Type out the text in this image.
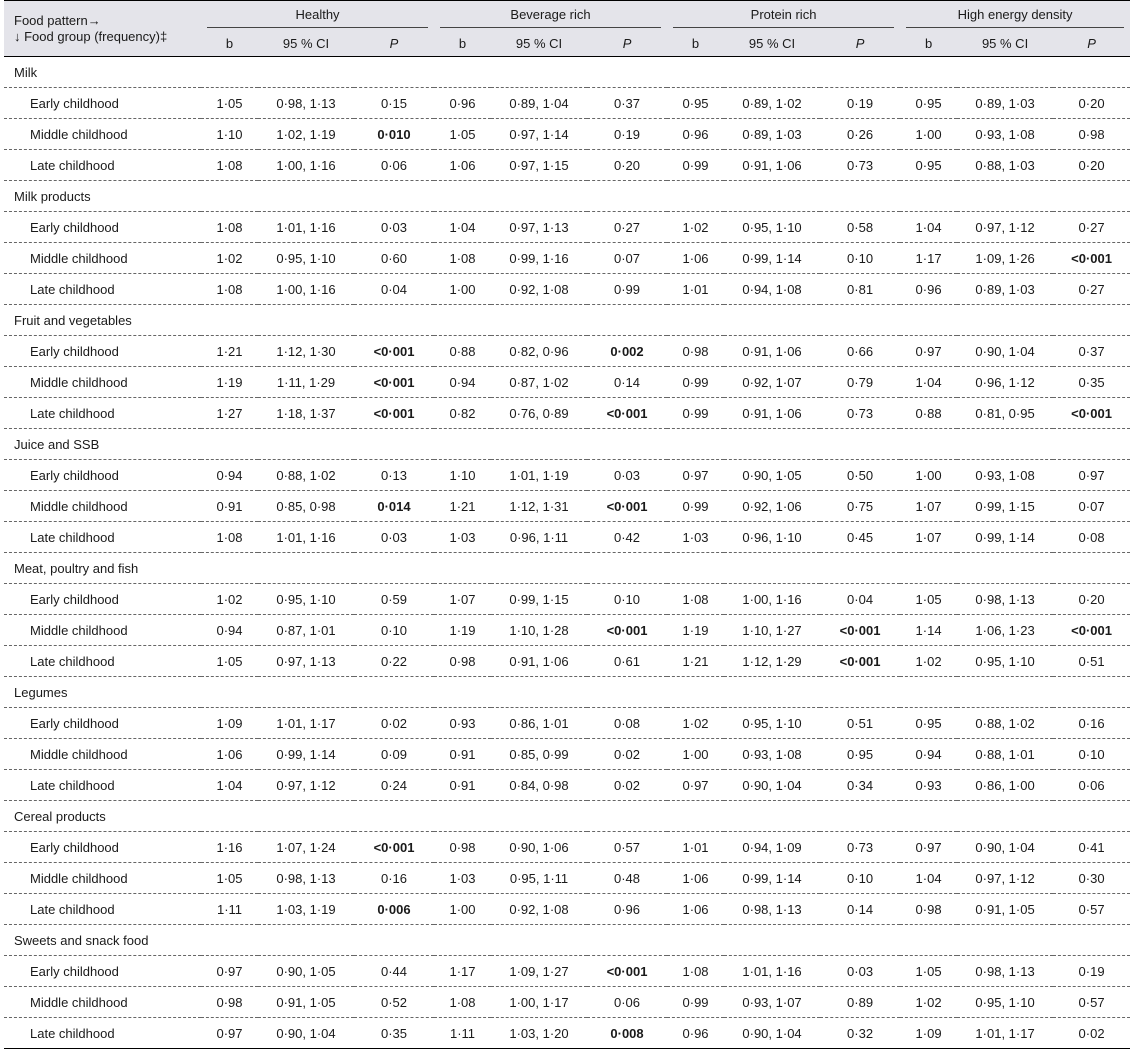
Food pattern→
↓ Food group (frequency)‡	Healthy			Beverage rich			Protein rich			High energy density		

	b	95 % CI	P	b	95 % CI	P	b	95 % CI	P	b	95 % CI	P
Milk												
Early childhood	1·05	0·98, 1·13	0·15	0·96	0·89, 1·04	0·37	0·95	0·89, 1·02	0·19	0·95	0·89, 1·03	0·20
Middle childhood	1·10	1·02, 1·19	0·010	1·05	0·97, 1·14	0·19	0·96	0·89, 1·03	0·26	1·00	0·93, 1·08	0·98
Late childhood	1·08	1·00, 1·16	0·06	1·06	0·97, 1·15	0·20	0·99	0·91, 1·06	0·73	0·95	0·88, 1·03	0·20
Milk products												
Early childhood	1·08	1·01, 1·16	0·03	1·04	0·97, 1·13	0·27	1·02	0·95, 1·10	0·58	1·04	0·97, 1·12	0·27
Middle childhood	1·02	0·95, 1·10	0·60	1·08	0·99, 1·16	0·07	1·06	0·99, 1·14	0·10	1·17	1·09, 1·26	<0·001
Late childhood	1·08	1·00, 1·16	0·04	1·00	0·92, 1·08	0·99	1·01	0·94, 1·08	0·81	0·96	0·89, 1·03	0·27
Fruit and vegetables												
Early childhood	1·21	1·12, 1·30	<0·001	0·88	0·82, 0·96	0·002	0·98	0·91, 1·06	0·66	0·97	0·90, 1·04	0·37
Middle childhood	1·19	1·11, 1·29	<0·001	0·94	0·87, 1·02	0·14	0·99	0·92, 1·07	0·79	1·04	0·96, 1·12	0·35
Late childhood	1·27	1·18, 1·37	<0·001	0·82	0·76, 0·89	<0·001	0·99	0·91, 1·06	0·73	0·88	0·81, 0·95	<0·001
Juice and SSB												
Early childhood	0·94	0·88, 1·02	0·13	1·10	1·01, 1·19	0·03	0·97	0·90, 1·05	0·50	1·00	0·93, 1·08	0·97
Middle childhood	0·91	0·85, 0·98	0·014	1·21	1·12, 1·31	<0·001	0·99	0·92, 1·06	0·75	1·07	0·99, 1·15	0·07
Late childhood	1·08	1·01, 1·16	0·03	1·03	0·96, 1·11	0·42	1·03	0·96, 1·10	0·45	1·07	0·99, 1·14	0·08
Meat, poultry and fish												
Early childhood	1·02	0·95, 1·10	0·59	1·07	0·99, 1·15	0·10	1·08	1·00, 1·16	0·04	1·05	0·98, 1·13	0·20
Middle childhood	0·94	0·87, 1·01	0·10	1·19	1·10, 1·28	<0·001	1·19	1·10, 1·27	<0·001	1·14	1·06, 1·23	<0·001
Late childhood	1·05	0·97, 1·13	0·22	0·98	0·91, 1·06	0·61	1·21	1·12, 1·29	<0·001	1·02	0·95, 1·10	0·51
Legumes												
Early childhood	1·09	1·01, 1·17	0·02	0·93	0·86, 1·01	0·08	1·02	0·95, 1·10	0·51	0·95	0·88, 1·02	0·16
Middle childhood	1·06	0·99, 1·14	0·09	0·91	0·85, 0·99	0·02	1·00	0·93, 1·08	0·95	0·94	0·88, 1·01	0·10
Late childhood	1·04	0·97, 1·12	0·24	0·91	0·84, 0·98	0·02	0·97	0·90, 1·04	0·34	0·93	0·86, 1·00	0·06
Cereal products												
Early childhood	1·16	1·07, 1·24	<0·001	0·98	0·90, 1·06	0·57	1·01	0·94, 1·09	0·73	0·97	0·90, 1·04	0·41
Middle childhood	1·05	0·98, 1·13	0·16	1·03	0·95, 1·11	0·48	1·06	0·99, 1·14	0·10	1·04	0·97, 1·12	0·30
Late childhood	1·11	1·03, 1·19	0·006	1·00	0·92, 1·08	0·96	1·06	0·98, 1·13	0·14	0·98	0·91, 1·05	0·57
Sweets and snack food												
Early childhood	0·97	0·90, 1·05	0·44	1·17	1·09, 1·27	<0·001	1·08	1·01, 1·16	0·03	1·05	0·98, 1·13	0·19
Middle childhood	0·98	0·91, 1·05	0·52	1·08	1·00, 1·17	0·06	0·99	0·93, 1·07	0·89	1·02	0·95, 1·10	0·57
Late childhood	0·97	0·90, 1·04	0·35	1·11	1·03, 1·20	0·008	0·96	0·90, 1·04	0·32	1·09	1·01, 1·17	0·02
